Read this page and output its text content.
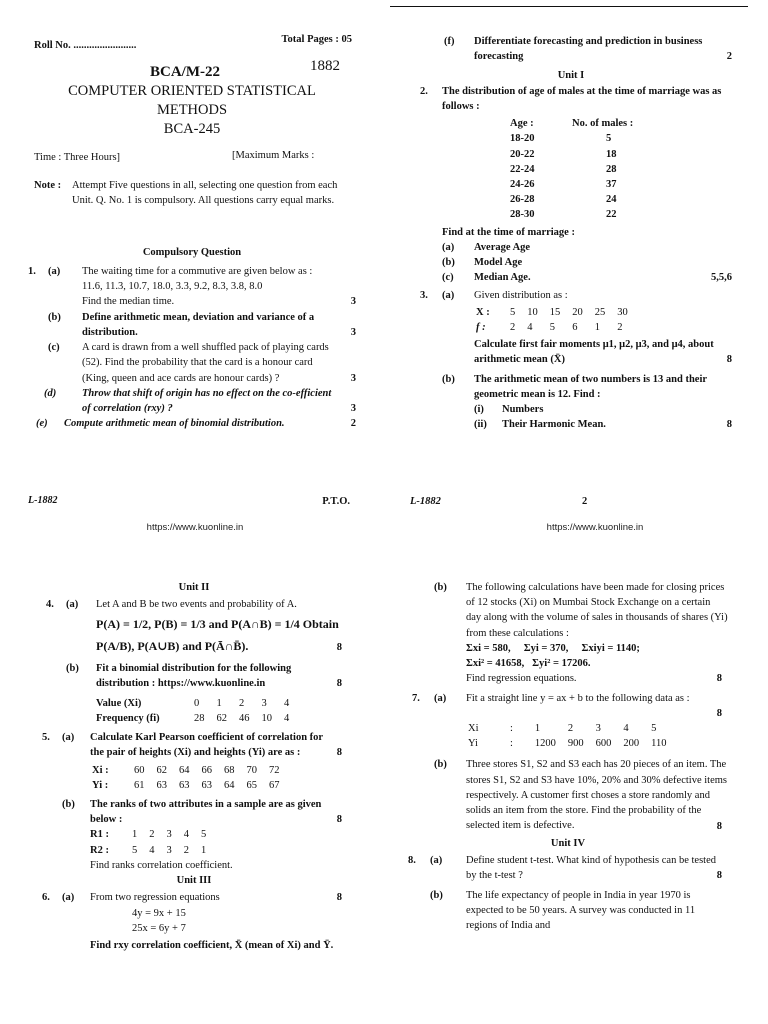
Roll No. ........................
Total Pages : 05
BCA/M-22	1882
COMPUTER ORIENTED STATISTICAL
METHODS
BCA-245
Time : Three Hours]	[Maximum Marks :
Note : Attempt Five questions in all, selecting one question from each Unit. Q. No. 1 is compulsory. All questions carry equal marks.
Compulsory Question
1. (a) The waiting time for a commutive are given below as :
11.6, 11.3, 10.7, 18.0, 3.3, 9.2, 8.3, 3.8, 8.0
Find the median time.	3
(b) Define arithmetic mean, deviation and variance of a distribution.	3
(c) A card is drawn from a well shuffled pack of playing cards (52). Find the probability that the card is a honour card (King, queen and ace cards are honour cards) ?	3
(d) Throw that shift of origin has no effect on the co-efficient of correlation (rxy) ?	3
(e) Compute arithmetic mean of binomial distribution.	2
L-1882	P.T.O.
https://www.kuonline.in
(f) Differentiate forecasting and prediction in business forecasting	2
Unit I
2. The distribution of age of males at the time of marriage was as follows :
Age :	No. of males :
18-20	5
20-22	18
22-24	28
24-26	37
26-28	24
28-30	22
Find at the time of marriage :
(a) Average Age
(b) Model Age
(c) Median Age.	5,5,6
3. (a) Given distribution as :
X :	5	10	15	20	25	30
f :	2	4	5	6	1	2
Calculate first fair moments μ1, μ2, μ3, and μ4, about arithmetic mean (X̄)	8
(b) The arithmetic mean of two numbers is 13 and their geometric mean is 12. Find :
(i) Numbers
(ii) Their Harmonic Mean.	8
L-1882	2
https://www.kuonline.in
Unit II
4. (a) Let A and B be two events and probability of A.
P(A) = 1/2, P(B) = 1/3 and P(A∩B) = 1/4 Obtain
P(A/B), P(A∪B) and P(Ā∩B̄).	8
(b) Fit a binomial distribution for the following distribution : https://www.kuonline.in	8
Value (Xi)	0	1	2	3	4
Frequency (fi)	28	62	46	10	4
5. (a) Calculate Karl Pearson coefficient of correlation for the pair of heights (Xi) and heights (Yi) are as :	8
Xi :	60	62	64	66	68	70	72
Yi :	61	63	63	63	64	65	67
(b) The ranks of two attributes in a sample are as given below :	8
R1 :	1	2	3	4	5
R2 :	5	4	3	2	1
Find ranks correlation coefficient.
Unit III
6. (a) From two regression equations	8
4y = 9x + 15
25x = 6y + 7
Find rxy correlation coefficient, X̄ (mean of Xi) and Ȳ.
(b) The following calculations have been made for closing prices of 12 stocks (Xi) on Mumbai Stock Exchange on a certain day along with the volume of sales in thousands of shares (Yi) from these calculations :
Σxi = 580,     Σyi = 370,     Σxiyi = 1140;
Σxi² = 41658,   Σyi² = 17206.
Find regression equations.	8
7. (a) Fit a straight line y = ax + b to the following data as :
8
Xi	:	1	2	3	4	5
Yi	:	1200	900	600	200	110
(b) Three stores S1, S2 and S3 each has 20 pieces of an item. The stores S1, S2 and S3 have 10%, 20% and 30% defective items respectively. A customer first choses a store randomly and solids an item from the store. Find the probability of the selected item is defective.	8
Unit IV
8. (a) Define student t-test. What kind of hypothesis can be tested by the t-test ?	8
(b) The life expectancy of people in India in year 1970 is expected to be 50 years. A survey was conducted in 11 regions of India and
